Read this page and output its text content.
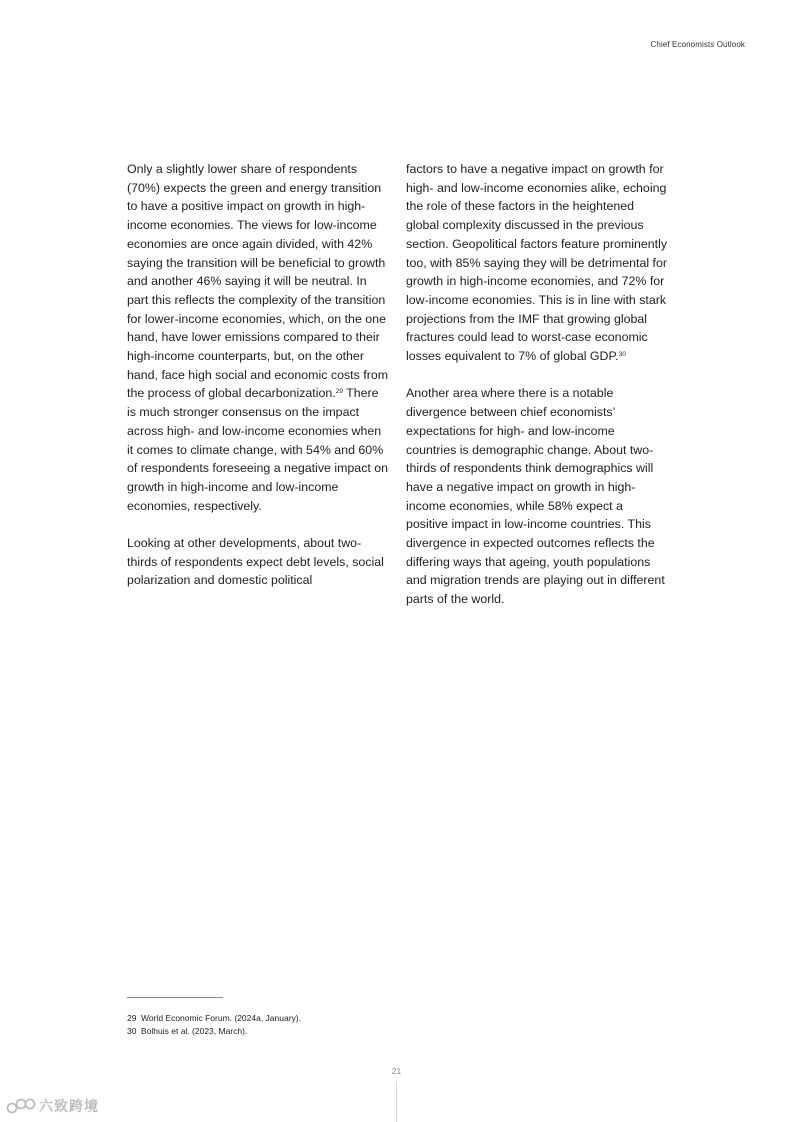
Chief Economists Outlook

Only a slightly lower share of respondents (70%) expects the green and energy transition to have a positive impact on growth in high-income economies. The views for low-income economies are once again divided, with 42% saying the transition will be beneficial to growth and another 46% saying it will be neutral. In part this reflects the complexity of the transition for lower-income economies, which, on the one hand, have lower emissions compared to their high-income counterparts, but, on the other hand, face high social and economic costs from the process of global decarbonization.$^{29}$ There is much stronger consensus on the impact across high- and low-income economies when it comes to climate change, with 54% and 60% of respondents foreseeing a negative impact on growth in high-income and low-income economies, respectively.

Looking at other developments, about two-thirds of respondents expect debt levels, social polarization and domestic political

factors to have a negative impact on growth for high- and low-income economies alike, echoing the role of these factors in the heightened global complexity discussed in the previous section. Geopolitical factors feature prominently too, with 85% saying they will be detrimental for growth in high-income economies, and 72% for low-income economies. This is in line with stark projections from the IMF that growing global fractures could lead to worst-case economic losses equivalent to 7% of global GDP.$^{30}$

Another area where there is a notable divergence between chief economists’ expectations for high- and low-income countries is demographic change. About two-thirds of respondents think demographics will have a negative impact on growth in high-income economies, while 58% expect a positive impact in low-income countries. This divergence in expected outcomes reflects the differing ways that ageing, youth populations and migration trends are playing out in different parts of the world.

29 World Economic Forum. (2024a, January).
30 Bolhuis et al. (2023, March).
21
六致跨境
